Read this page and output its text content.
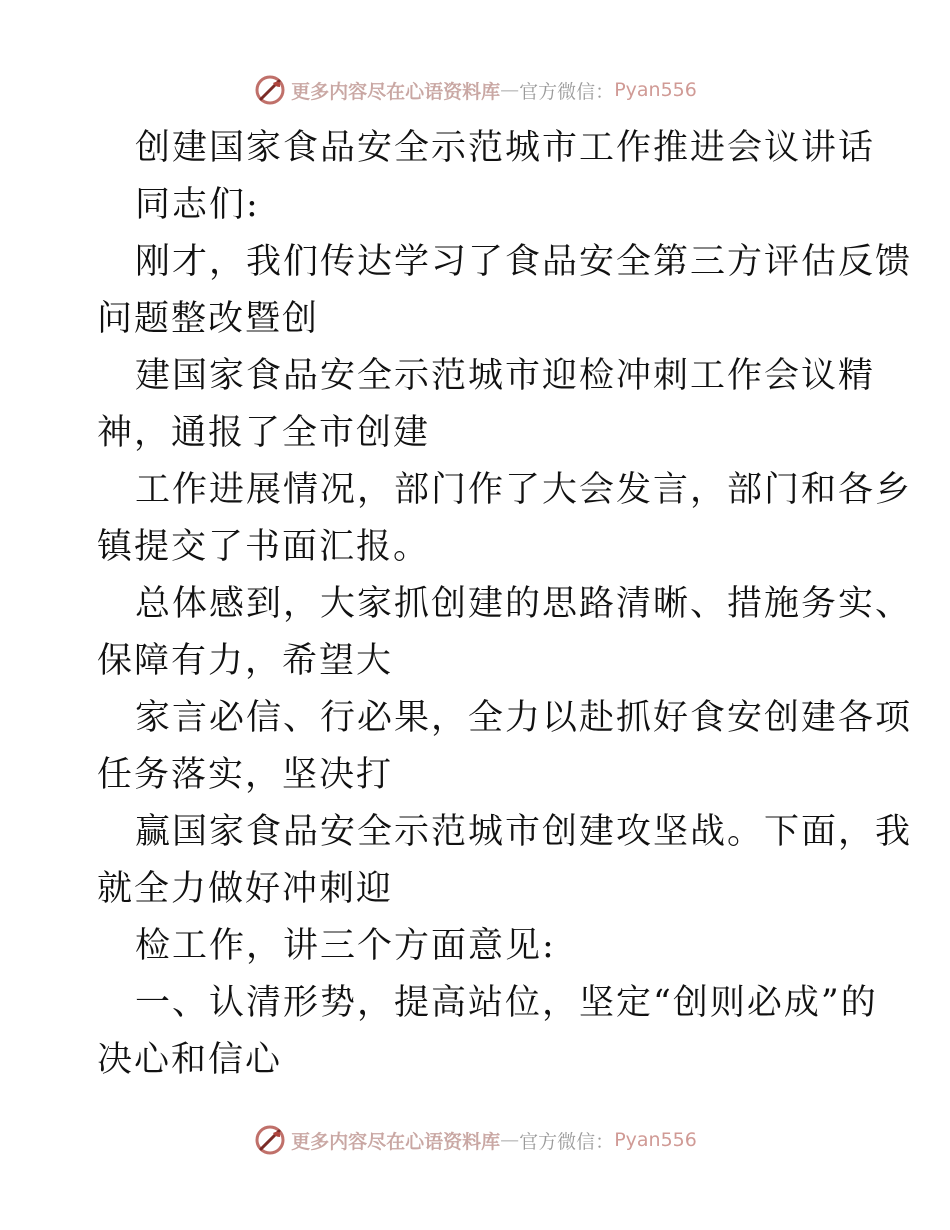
更多内容尽在心语资料库 — 官方微信： Pyan556
创建国家食品安全示范城市工作推进会议讲话
同志们:
刚才，我们传达学习了食品安全第三方评估反馈
问题整改暨创
建国家食品安全示范城市迎检冲刺工作会议精
神，通报了全市创建
工作进展情况，部门作了大会发言，部门和各乡
镇提交了书面汇报。
总体感到，大家抓创建的思路清晰、措施务实、
保障有力，希望大
家言必信、行必果，全力以赴抓好食安创建各项
任务落实，坚决打
赢国家食品安全示范城市创建攻坚战。下面，我
就全力做好冲刺迎
检工作，讲三个方面意见:
一、认清形势，提高站位，坚定“创则必成”的
决心和信心
更多内容尽在心语资料库 — 官方微信： Pyan556
